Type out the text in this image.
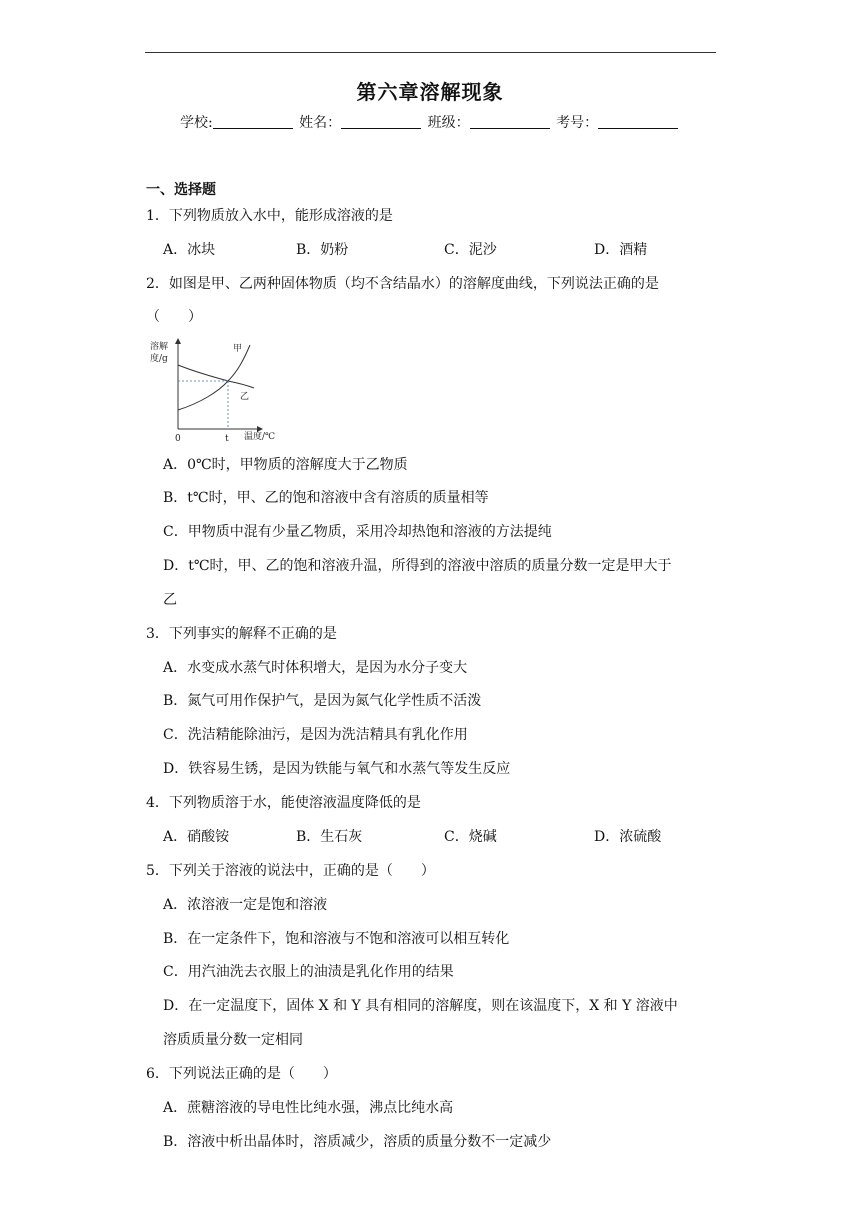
第六章溶解现象
学校:	姓名：	班级：	考号：
一、选择题
1．下列物质放入水中，能形成溶液的是
A．冰块	B．奶粉	C．泥沙	D．酒精
2．如图是甲、乙两种固体物质（均不含结晶水）的溶解度曲线，下列说法正确的是
（　　）
溶解
度/g
甲
乙
0	t 温度/℃
A．0℃时，甲物质的溶解度大于乙物质
B．t℃时，甲、乙的饱和溶液中含有溶质的质量相等
C．甲物质中混有少量乙物质，采用冷却热饱和溶液的方法提纯
D．t℃时，甲、乙的饱和溶液升温，所得到的溶液中溶质的质量分数一定是甲大于
乙
3．下列事实的解释不正确的是
A．水变成水蒸气时体积增大，是因为水分子变大
B．氮气可用作保护气，是因为氮气化学性质不活泼
C．洗洁精能除油污，是因为洗洁精具有乳化作用
D．铁容易生锈，是因为铁能与氧气和水蒸气等发生反应
4．下列物质溶于水，能使溶液温度降低的是
A．硝酸铵	B．生石灰	C．烧碱	D．浓硫酸
5．下列关于溶液的说法中，正确的是（　　）
A．浓溶液一定是饱和溶液
B．在一定条件下，饱和溶液与不饱和溶液可以相互转化
C．用汽油洗去衣服上的油渍是乳化作用的结果
D．在一定温度下，固体 X 和 Y 具有相同的溶解度，则在该温度下，X 和 Y 溶液中
溶质质量分数一定相同
6．下列说法正确的是（　　）
A．蔗糖溶液的导电性比纯水强，沸点比纯水高
B．溶液中析出晶体时，溶质减少，溶质的质量分数不一定减少
